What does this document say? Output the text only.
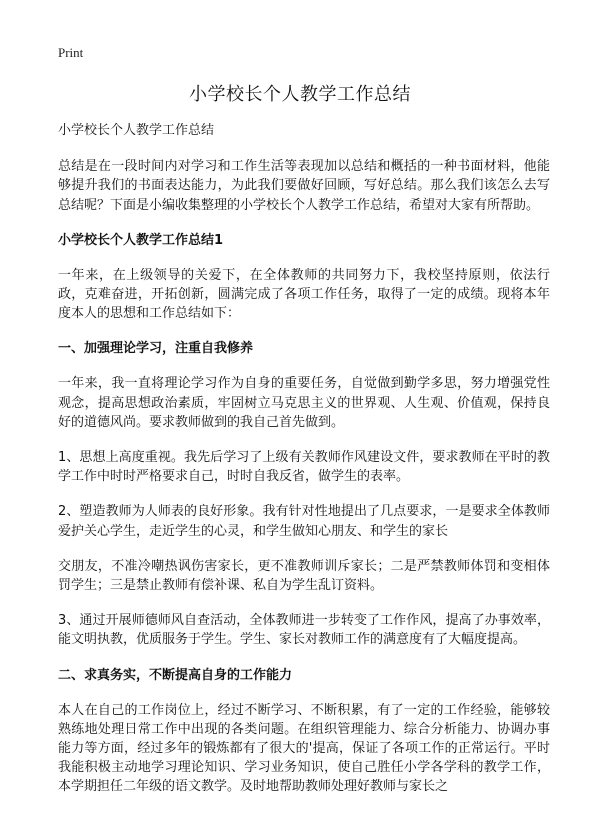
Print
小学校长个人教学工作总结

小学校长个人教学工作总结

总结是在一段时间内对学习和工作生活等表现加以总结和概括的一种书面材料，他能够提升我们的书面表达能力，为此我们要做好回顾，写好总结。那么我们该怎么去写总结呢？下面是小编收集整理的小学校长个人教学工作总结，希望对大家有所帮助。

小学校长个人教学工作总结1

一年来，在上级领导的关爱下，在全体教师的共同努力下，我校坚持原则，依法行政，克难奋进，开拓创新，圆满完成了各项工作任务，取得了一定的成绩。现将本年度本人的思想和工作总结如下：

一、加强理论学习，注重自我修养

一年来，我一直将理论学习作为自身的重要任务，自觉做到勤学多思，努力增强党性观念，提高思想政治素质，牢固树立马克思主义的世界观、人生观、价值观，保持良好的道德风尚。要求教师做到的我自己首先做到。

1、思想上高度重视。我先后学习了上级有关教师作风建设文件，要求教师在平时的教学工作中时时严格要求自己，时时自我反省，做学生的表率。

2、塑造教师为人师表的良好形象。我有针对性地提出了几点要求，一是要求全体教师爱护关心学生，走近学生的心灵，和学生做知心朋友、和学生的家长

交朋友，不准冷嘲热讽伤害家长，更不准教师训斥家长；二是严禁教师体罚和变相体罚学生；三是禁止教师有偿补课、私自为学生乱订资料。

3、通过开展师德师风自查活动，全体教师进一步转变了工作作风，提高了办事效率，能文明执教，优质服务于学生。学生、家长对教师工作的满意度有了大幅度提高。

二、求真务实，不断提高自身的工作能力

本人在自己的工作岗位上，经过不断学习、不断积累，有了一定的工作经验，能够较熟练地处理日常工作中出现的各类问题。在组织管理能力、综合分析能力、协调办事能力等方面，经过多年的锻炼都有了很大的'提高，保证了各项工作的正常运行。平时我能积极主动地学习理论知识、学习业务知识，使自己胜任小学各学科的教学工作，本学期担任二年级的语文教学。及时地帮助教师处理好教师与家长之
